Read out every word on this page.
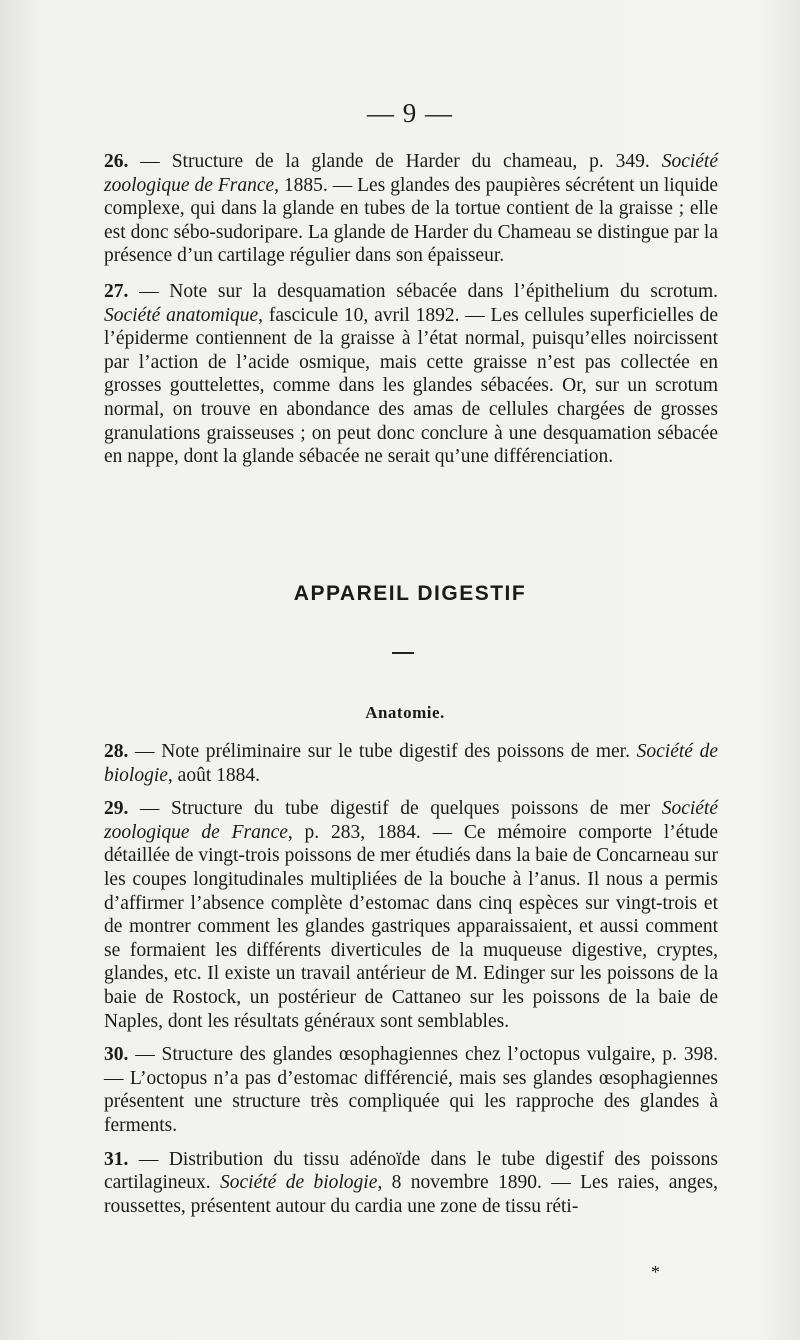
— 9 —

26. — Structure de la glande de Harder du chameau, p. 349. Société zoologique de France, 1885. — Les glandes des paupières sécrétent un liquide complexe, qui dans la glande en tubes de la tortue contient de la graisse ; elle est donc sébo-sudoripare. La glande de Harder du Chameau se distingue par la présence d’un cartilage régulier dans son épaisseur.

27. — Note sur la desquamation sébacée dans l’épithelium du scrotum. Société anatomique, fascicule 10, avril 1892. — Les cellules superficielles de l’épiderme contiennent de la graisse à l’état normal, puisqu’elles noircissent par l’action de l’acide osmique, mais cette graisse n’est pas collectée en grosses gouttelettes, comme dans les glandes sébacées. Or, sur un scrotum normal, on trouve en abondance des amas de cellules chargées de grosses granulations graisseuses ; on peut donc conclure à une desquamation sébacée en nappe, dont la glande sébacée ne serait qu’une différenciation.

APPAREIL DIGESTIF
Anatomie.

28. — Note préliminaire sur le tube digestif des poissons de mer. Société de biologie, août 1884.

29. — Structure du tube digestif de quelques poissons de mer Société zoologique de France, p. 283, 1884. — Ce mémoire comporte l’étude détaillée de vingt-trois poissons de mer étudiés dans la baie de Concarneau sur les coupes longitudinales multipliées de la bouche à l’anus. Il nous a permis d’affirmer l’absence complète d’estomac dans cinq espèces sur vingt-trois et de montrer comment les glandes gastriques apparaissaient, et aussi comment se formaient les différents diverticules de la muqueuse digestive, cryptes, glandes, etc. Il existe un travail antérieur de M. Edinger sur les poissons de la baie de Rostock, un postérieur de Cattaneo sur les poissons de la baie de Naples, dont les résultats généraux sont semblables.

30. — Structure des glandes œsophagiennes chez l’octopus vulgaire, p. 398. — L’octopus n’a pas d’estomac différencié, mais ses glandes œsophagiennes présentent une structure très compliquée qui les rapproche des glandes à ferments.

31. — Distribution du tissu adénoïde dans le tube digestif des poissons cartilagineux. Société de biologie, 8 novembre 1890. — Les raies, anges, roussettes, présentent autour du cardia une zone de tissu réti-

*
